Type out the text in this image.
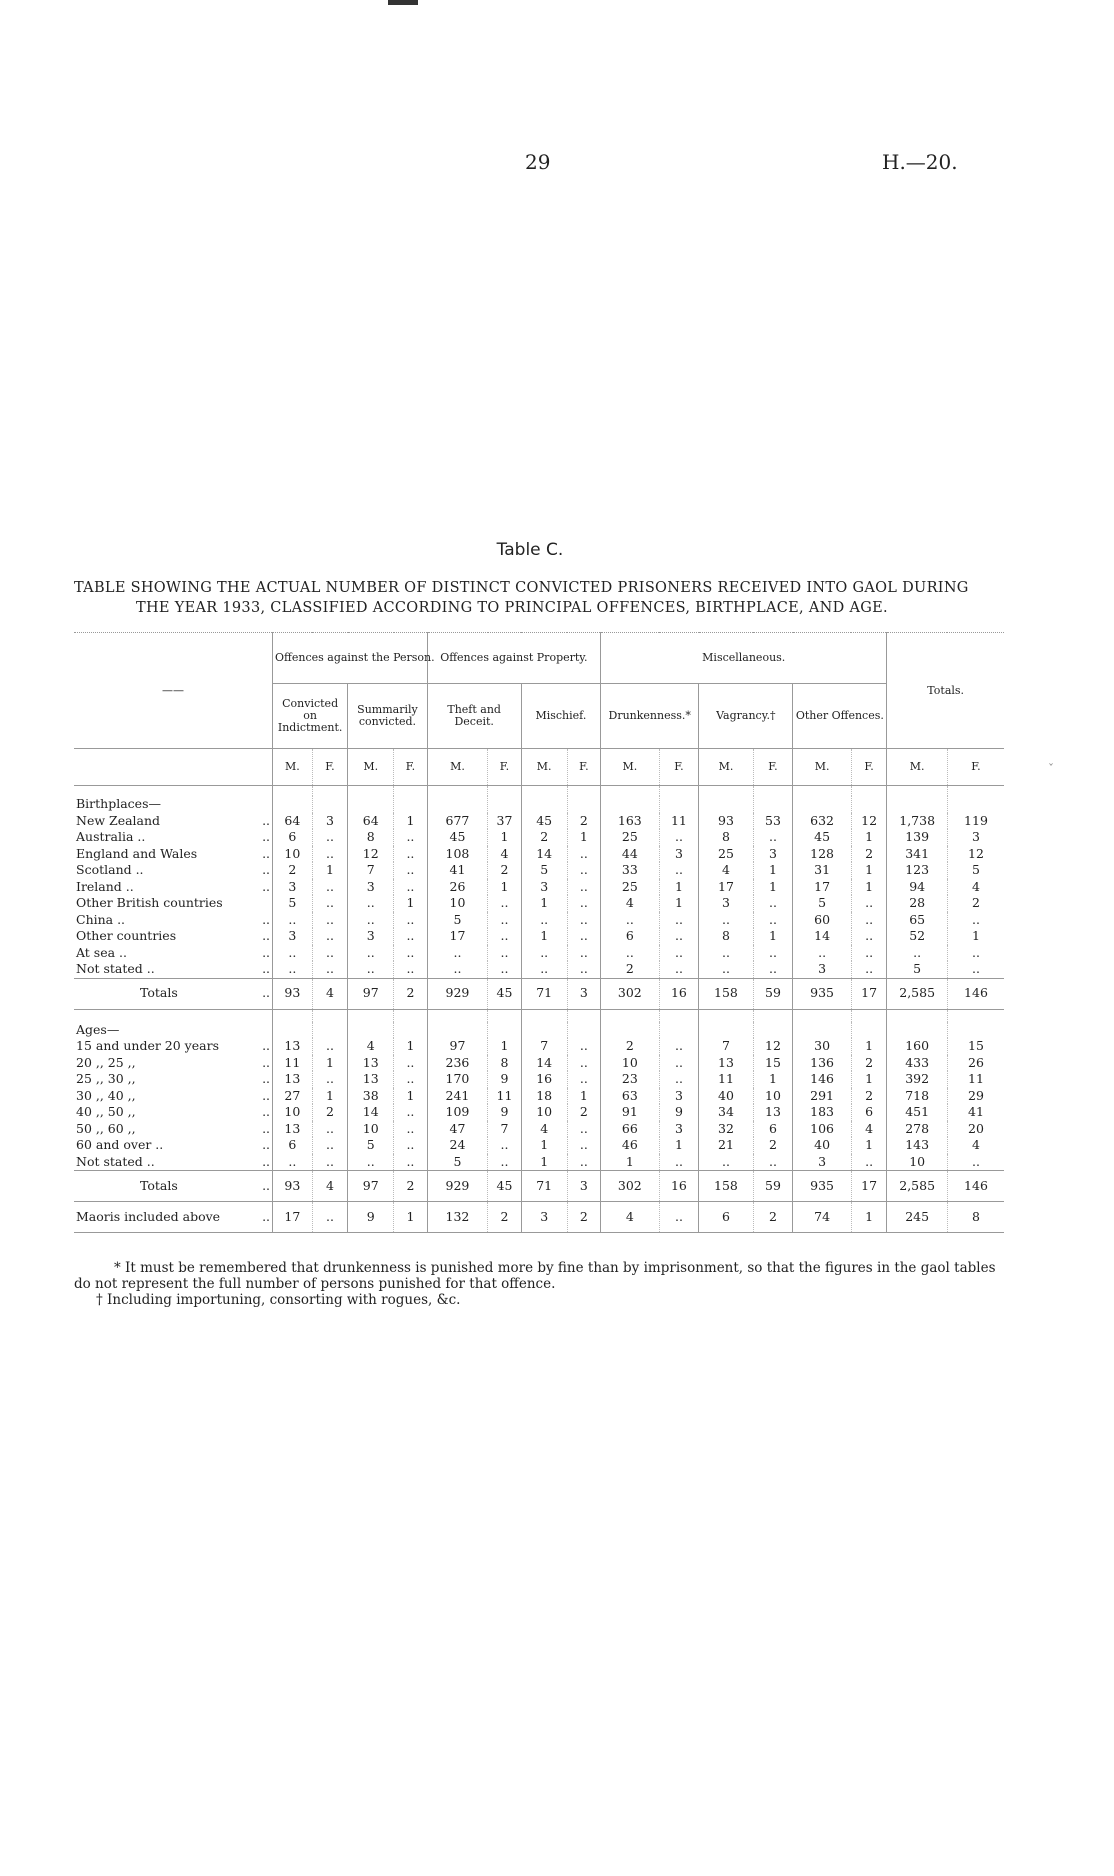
29	H.—20.
ˇ
Table C.
TABLE SHOWING THE ACTUAL NUMBER OF DISTINCT CONVICTED PRISONERS RECEIVED INTO GAOL DURING
THE YEAR 1933, CLASSIFIED ACCORDING TO PRINCIPAL OFFENCES, BIRTHPLACE, AND AGE.
——	Offences against the Person.				Offences against Property.				Miscellaneous.						Totals.	
	Convicted on Indictment.		Summarily convicted.		Theft and Deceit.		Mischief.		Drunkenness.*		Vagrancy.†		Other Offences.			
	M.	F.	M.	F.	M.	F.	M.	F.	M.	F.	M.	F.	M.	F.	M.	F.

Birthplaces—																
New Zealand ..	64	3	64	1	677	37	45	2	163	11	93	53	632	12	1,738	119
Australia .. ..	6	..	8	..	45	1	2	1	25	..	8	..	45	1	139	3
England and Wales ..	10	..	12	..	108	4	14	..	44	3	25	3	128	2	341	12
Scotland .. ..	2	1	7	..	41	2	5	..	33	..	4	1	31	1	123	5
Ireland .. ..	3	..	3	..	26	1	3	..	25	1	17	1	17	1	94	4
Other British countries	5	..	..	1	10	..	1	..	4	1	3	..	5	..	28	2
China .. ..	..	..	..	..	5	..	..	..	..	..	..	..	60	..	65	..
Other countries ..	3	..	3	..	17	..	1	..	6	..	8	1	14	..	52	1
At sea .. ..	..	..	..	..	..	..	..	..	..	..	..	..	..	..	..	..
Not stated .. ..	..	..	..	..	..	..	..	..	2	..	..	..	3	..	5	..
Totals ..	93	4	97	2	929	45	71	3	302	16	158	59	935	17	2,585	146

Ages—																
15 and under 20 years ..	13	..	4	1	97	1	7	..	2	..	7	12	30	1	160	15
20 ,, 25 ,, ..	11	1	13	..	236	8	14	..	10	..	13	15	136	2	433	26
25 ,, 30 ,, ..	13	..	13	..	170	9	16	..	23	..	11	1	146	1	392	11
30 ,, 40 ,, ..	27	1	38	1	241	11	18	1	63	3	40	10	291	2	718	29
40 ,, 50 ,, ..	10	2	14	..	109	9	10	2	91	9	34	13	183	6	451	41
50 ,, 60 ,, ..	13	..	10	..	47	7	4	..	66	3	32	6	106	4	278	20
60 and over .. ..	6	..	5	..	24	..	1	..	46	1	21	2	40	1	143	4
Not stated .. ..	..	..	..	..	5	..	1	..	1	..	..	..	3	..	10	..
Totals ..	93	4	97	2	929	45	71	3	302	16	158	59	935	17	2,585	146
Maoris included above ..	17	..	9	1	132	2	3	2	4	..	6	2	74	1	245	8

* It must be remembered that drunkenness is punished more by fine than by imprisonment, so that the figures in the gaol tables do not represent the full number of persons punished for that offence.

† Including importuning, consorting with rogues, &c.
